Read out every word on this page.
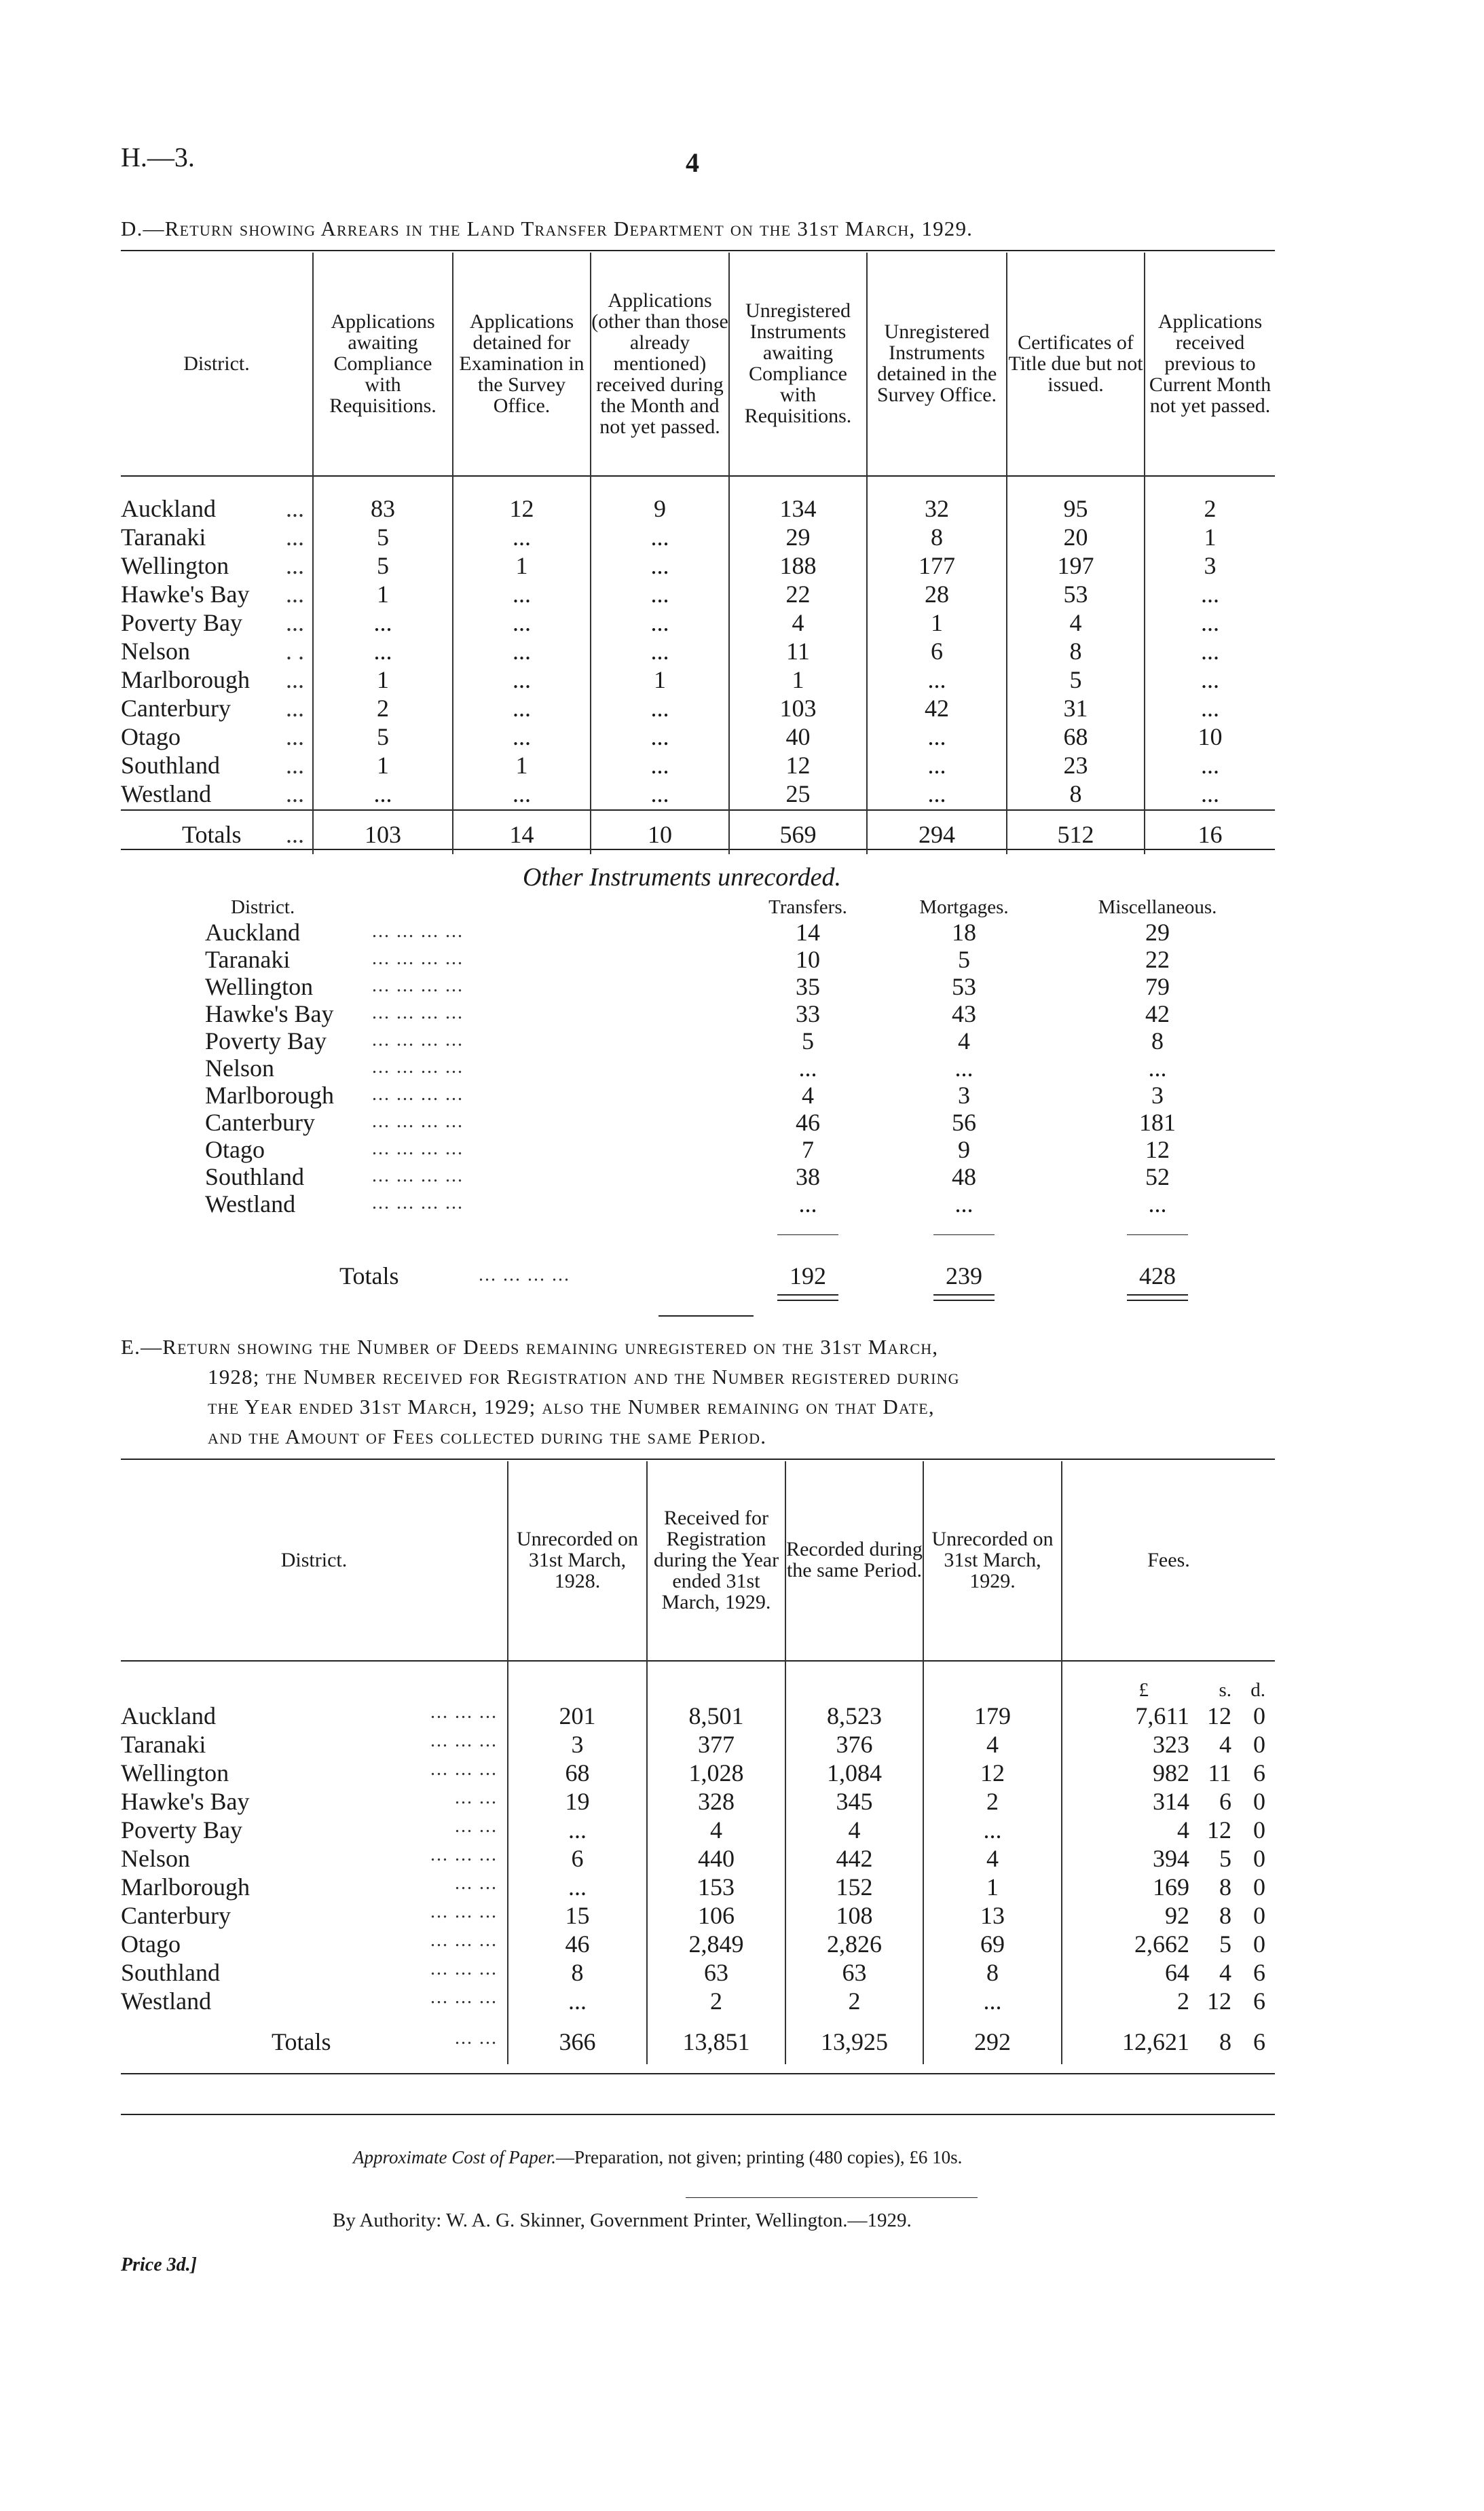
H.—3.	4
D.—Return showing Arrears in the Land Transfer Department on the 31st March, 1929.
District.	Applications awaiting Compliance with Requisitions.	Applications detained for Examination in the Survey Office.	Applications (other than those already mentioned) received during the Month and not yet passed.	Unregistered Instruments awaiting Compliance with Requisitions.	Unregistered Instruments detained in the Survey Office.	Certificates of Title due but not issued.	Applications received previous to Current Month not yet passed.

Auckland ...	83	12	9	134	32	95	2
Taranaki ...	5	...	...	29	8	20	1
Wellington ...	5	1	...	188	177	197	3
Hawke's Bay ...	1	...	...	22	28	53	...
Poverty Bay ...	...	...	...	4	1	4	...
Nelson . .	...	...	...	11	6	8	...
Marlborough ...	1	...	1	1	...	5	...
Canterbury ...	2	...	...	103	42	31	...
Otago ...	5	...	...	40	...	68	10
Southland ...	1	1	...	12	...	23	...
Westland ...	...	...	...	25	...	8	...

Totals ...	103	14	10	569	294	512	16
Other Instruments unrecorded.
District.	Transfers.	Mortgages.	Miscellaneous.
Auckland	... ... ... ...	14	18	29
Taranaki	... ... ... ...	10	5	22
Wellington	... ... ... ...	35	53	79
Hawke's Bay ... ... ... ...	33	43	42
Poverty Bay ... ... ... ...	5	4	8
Nelson	... ... ... ...	...	...	...
Marlborough ... ... ... ...	4	3	3
Canterbury	... ... ... ...	46	56	181
Otago	... ... ... ...	7	9	12
Southland	... ... ... ...	38	48	52
Westland	... ... ... ...	...	...	...
Totals	... ... ... ...	192	239	428
E.—Return showing the Number of Deeds remaining unregistered on the 31st March,
1928; the Number received for Registration and the Number registered during
the Year ended 31st March, 1929; also the Number remaining on that Date,
and the Amount of Fees collected during the same Period.
District.	Unrecorded on 31st March, 1928.	Received for Registration during the Year ended 31st March, 1929.	Recorded during the same Period.	Unrecorded on 31st March, 1929.	Fees.
					£ s. d.
Auckland ... ... ...	201	8,501	8,523	179	7,611 12 0
Taranaki ... ... ...	3	377	376	4	323 4 0
Wellington ... ... ...	68	1,028	1,084	12	982 11 6
Hawke's Bay ... ...	19	328	345	2	314 6 0
Poverty Bay ... ...	...	4	4	...	4 12 0
Nelson ... ... ...	6	440	442	4	394 5 0
Marlborough ... ...	...	153	152	1	169 8 0
Canterbury ... ... ...	15	106	108	13	92 8 0
Otago ... ... ...	46	2,849	2,826	69	2,662 5 0
Southland ... ... ...	8	63	63	8	64 4 6
Westland ... ... ...	...	2	2	...	2 12 6

Totals ... ...	366	13,851	13,925	292	12,621 8 6
Approximate Cost of Paper.—Preparation, not given; printing (480 copies), £6 10s.
By Authority: W. A. G. Skinner, Government Printer, Wellington.—1929.
Price 3d.]
